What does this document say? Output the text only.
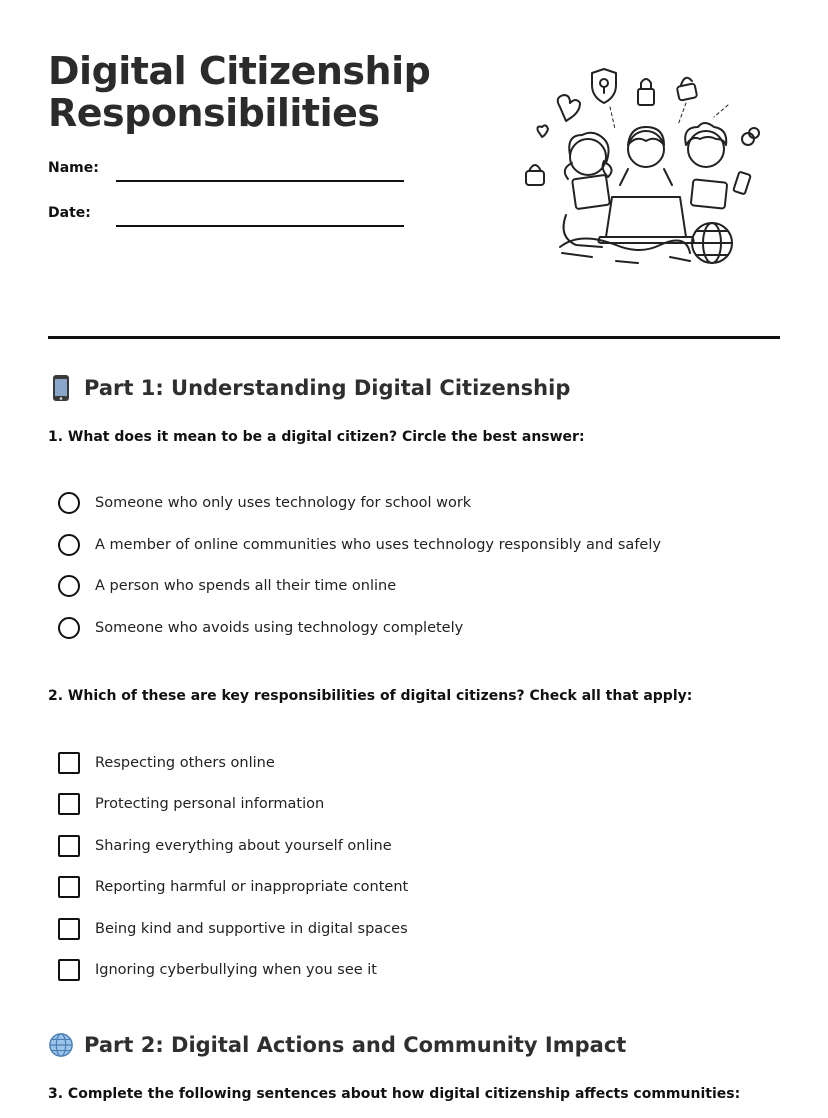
Digital Citizenship
Responsibilities
Name:
Date:
Part 1: Understanding Digital Citizenship
1. What does it mean to be a digital citizen? Circle the best answer:
Someone who only uses technology for school work
A member of online communities who uses technology responsibly and safely
A person who spends all their time online
Someone who avoids using technology completely
2. Which of these are key responsibilities of digital citizens? Check all that apply:
Respecting others online
Protecting personal information
Sharing everything about yourself online
Reporting harmful or inappropriate content
Being kind and supportive in digital spaces
Ignoring cyberbullying when you see it
Part 2: Digital Actions and Community Impact
3. Complete the following sentences about how digital citizenship affects communities:
